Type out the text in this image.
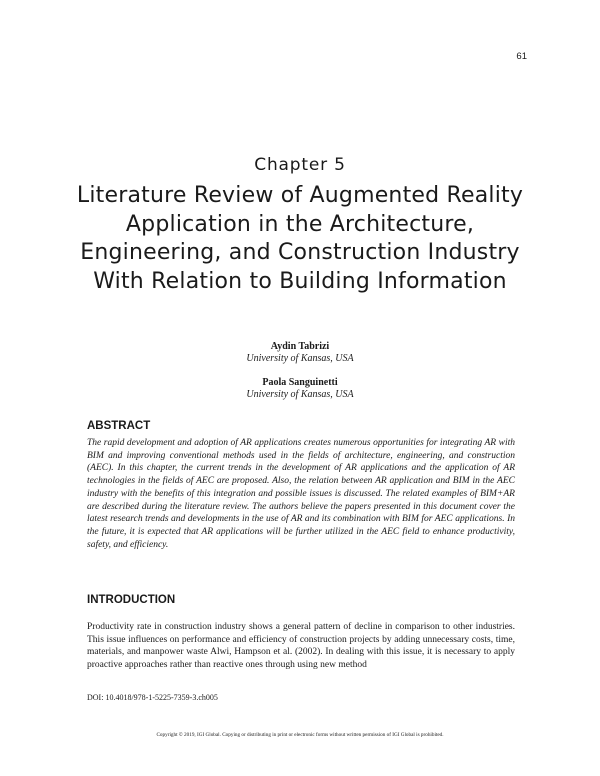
61
Chapter 5
Literature Review of Augmented Reality Application in the Architecture, Engineering, and Construction Industry With Relation to Building Information
Aydin Tabrizi
University of Kansas, USA
Paola Sanguinetti
University of Kansas, USA
ABSTRACT
The rapid development and adoption of AR applications creates numerous opportunities for integrating AR with BIM and improving conventional methods used in the fields of architecture, engineering, and construction (AEC). In this chapter, the current trends in the development of AR applications and the application of AR technologies in the fields of AEC are proposed. Also, the relation between AR application and BIM in the AEC industry with the benefits of this integration and possible issues is discussed. The related examples of BIM+AR are described during the literature review. The authors believe the papers presented in this document cover the latest research trends and developments in the use of AR and its combination with BIM for AEC applications. In the future, it is expected that AR applications will be further utilized in the AEC field to enhance productivity, safety, and efficiency.
INTRODUCTION
Productivity rate in construction industry shows a general pattern of decline in comparison to other industries. This issue influences on performance and efficiency of construction projects by adding unnecessary costs, time, materials, and manpower waste Alwi, Hampson et al. (2002). In dealing with this issue, it is necessary to apply proactive approaches rather than reactive ones through using new method
DOI: 10.4018/978-1-5225-7359-3.ch005
Copyright © 2019, IGI Global. Copying or distributing in print or electronic forms without written permission of IGI Global is prohibited.
